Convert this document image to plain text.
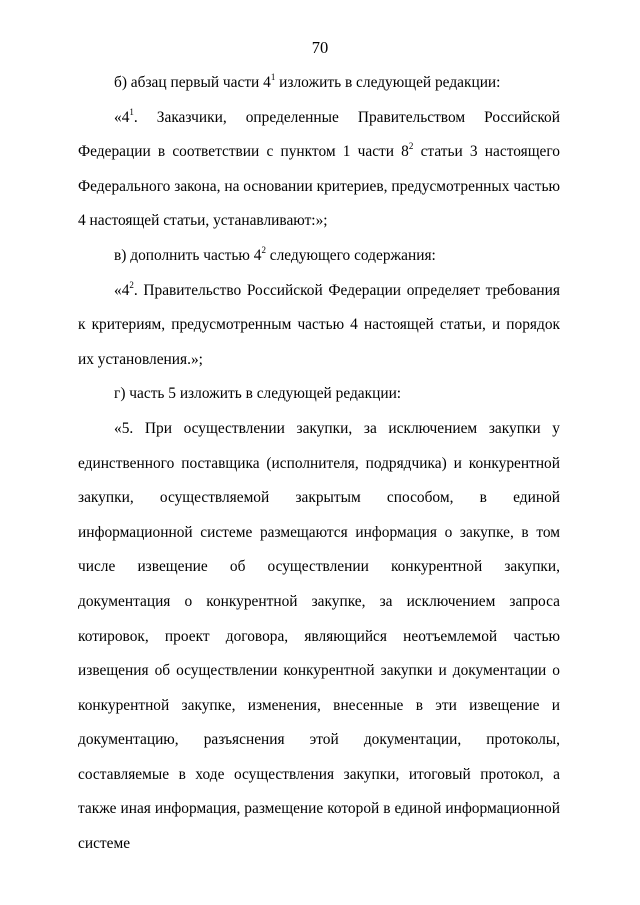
70

б) абзац первый части $4^1$ изложить в следующей редакции:

«$4^1$. Заказчики, определенные Правительством Российской Федерации в соответствии с пунктом 1 части $8^2$ статьи 3 настоящего Федерального закона, на основании критериев, предусмотренных частью 4 настоящей статьи, устанавливают:»;

в) дополнить частью $4^2$ следующего содержания:

«$4^2$. Правительство Российской Федерации определяет требования к критериям, предусмотренным частью 4 настоящей статьи, и порядок их установления.»;

г) часть 5 изложить в следующей редакции:

«5. При осуществлении закупки, за исключением закупки у единственного поставщика (исполнителя, подрядчика) и конкурентной закупки, осуществляемой закрытым способом, в единой информационной системе размещаются информация о закупке, в том числе извещение об осуществлении конкурентной закупки, документация о конкурентной закупке, за исключением запроса котировок, проект договора, являющийся неотъемлемой частью извещения об осуществлении конкурентной закупки и документации о конкурентной закупке, изменения, внесенные в эти извещение и документацию, разъяснения этой документации, протоколы, составляемые в ходе осуществления закупки, итоговый протокол, а также иная информация, размещение которой в единой информационной системе
